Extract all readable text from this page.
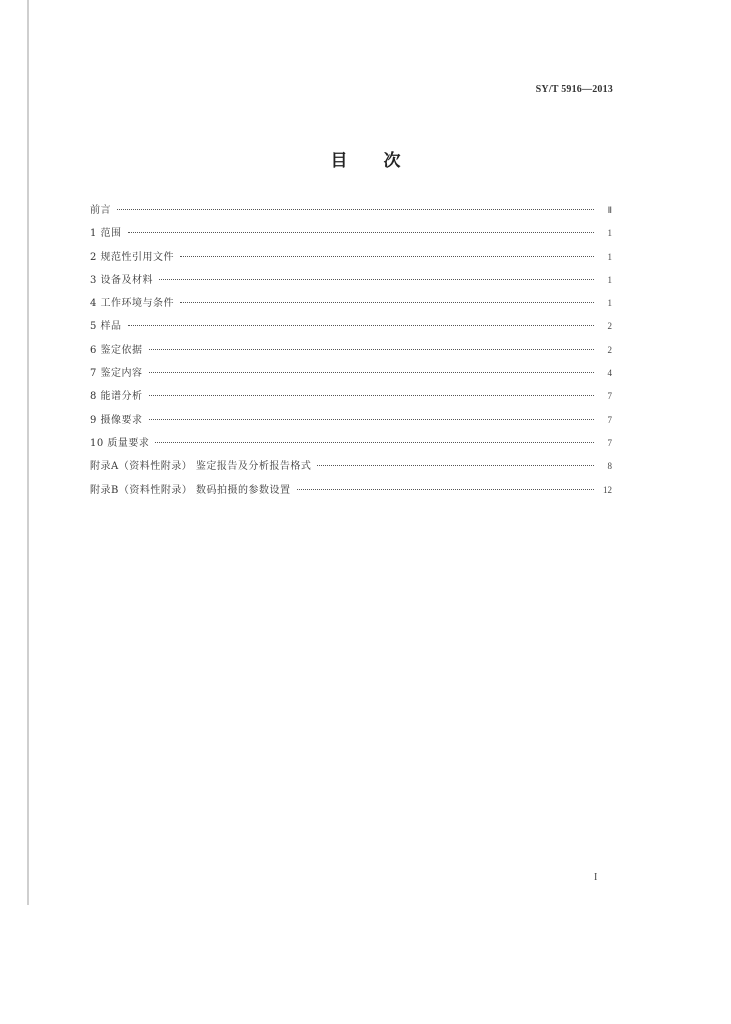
SY/T 5916—2013
目 次
前言	Ⅱ
1 范围	1
2 规范性引用文件	1
3 设备及材料	1
4 工作环境与条件	1
5 样品	2
6 鉴定依据	2
7 鉴定内容	4
8 能谱分析	7
9 摄像要求	7
10 质量要求	7
附录A（资料性附录） 鉴定报告及分析报告格式	8
附录B（资料性附录） 数码拍摄的参数设置	12
I
